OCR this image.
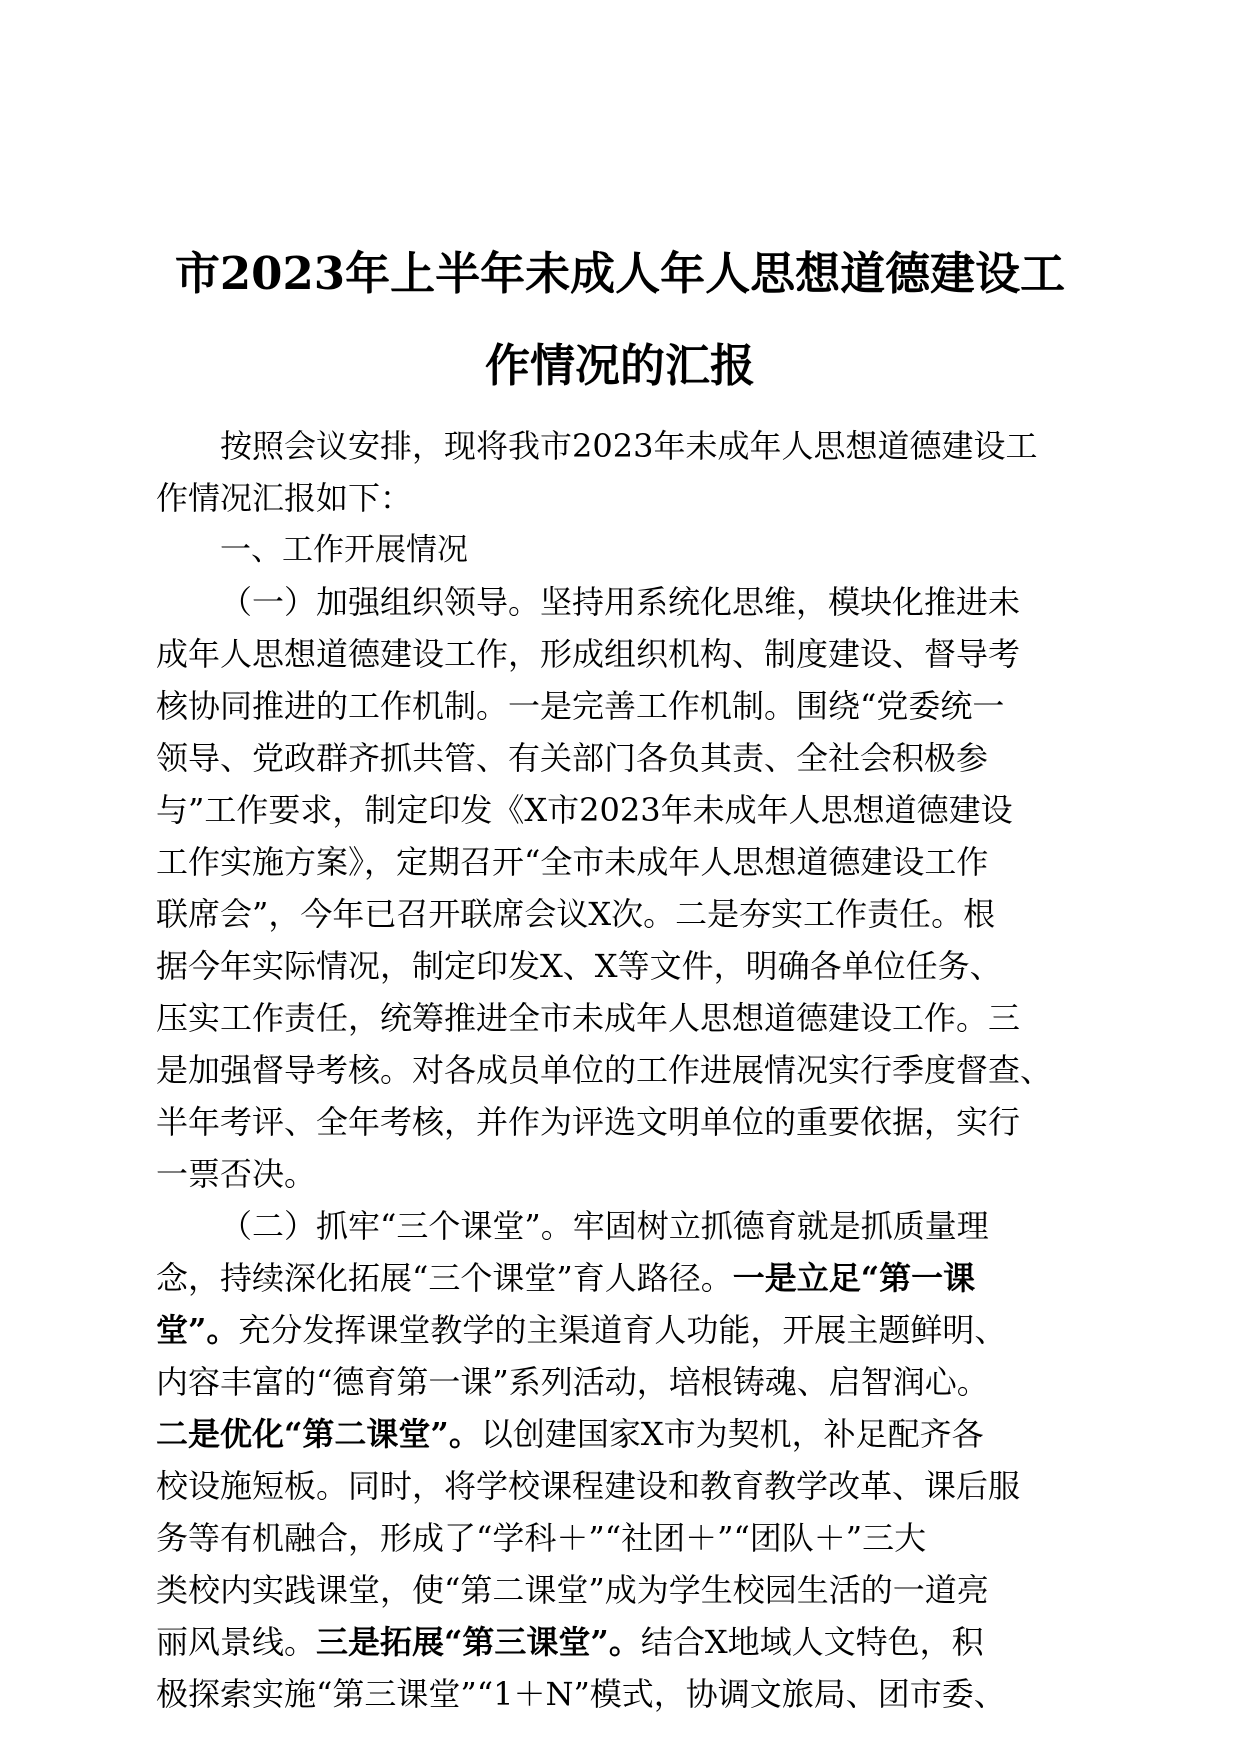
市2023年上半年未成人年人思想道德建设工
作情况的汇报
按照会议安排，现将我市2023年未成年人思想道德建设工
作情况汇报如下：
一、工作开展情况
（一）加强组织领导。坚持用系统化思维，模块化推进未
成年人思想道德建设工作，形成组织机构、制度建设、督导考
核协同推进的工作机制。一是完善工作机制。围绕“党委统一
领导、党政群齐抓共管、有关部门各负其责、全社会积极参
与”工作要求，制定印发《X市2023年未成年人思想道德建设
工作实施方案》，定期召开“全市未成年人思想道德建设工作
联席会”，今年已召开联席会议X次。二是夯实工作责任。根
据今年实际情况，制定印发X、X等文件，明确各单位任务、
压实工作责任，统筹推进全市未成年人思想道德建设工作。三
是加强督导考核。对各成员单位的工作进展情况实行季度督查、
半年考评、全年考核，并作为评选文明单位的重要依据，实行
一票否决。
（二）抓牢“三个课堂”。牢固树立抓德育就是抓质量理
念，持续深化拓展“三个课堂”育人路径。一是立足“第一课
堂”。充分发挥课堂教学的主渠道育人功能，开展主题鲜明、
内容丰富的“德育第一课”系列活动，培根铸魂、启智润心。
二是优化“第二课堂”。以创建国家X市为契机，补足配齐各
校设施短板。同时，将学校课程建设和教育教学改革、课后服
务等有机融合，形成了“学科＋”“社团＋”“团队＋”三大
类校内实践课堂，使“第二课堂”成为学生校园生活的一道亮
丽风景线。三是拓展“第三课堂”。结合X地域人文特色，积
极探索实施“第三课堂”“1＋N”模式，协调文旅局、团市委、
